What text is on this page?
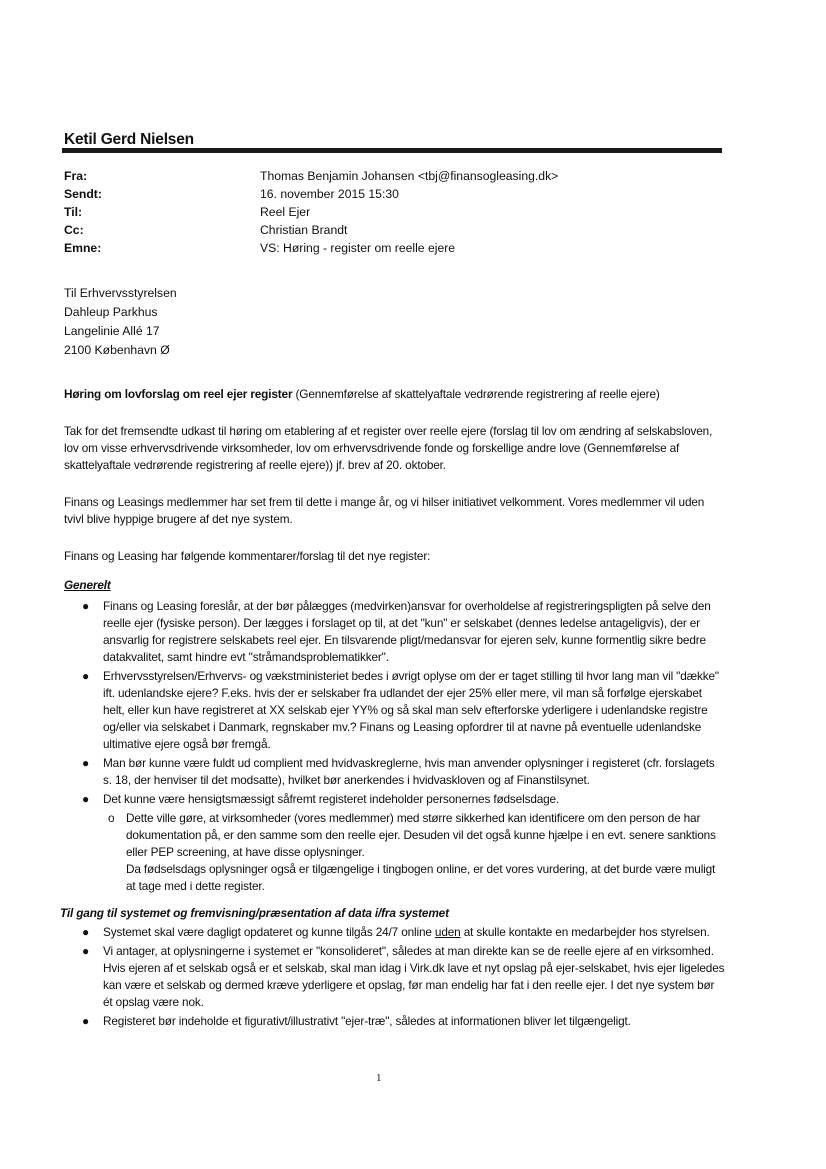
Ketil Gerd Nielsen
Fra:	Thomas Benjamin Johansen <tbj@finansogleasing.dk>
Sendt:	16. november 2015 15:30
Til:	Reel Ejer
Cc:	Christian Brandt
Emne:	VS: Høring - register om reelle ejere
Til Erhvervsstyrelsen
Dahleup Parkhus
Langelinie Allé 17
2100 København Ø

Høring om lovforslag om reel ejer register (Gennemførelse af skattelyaftale vedrørende registrering af reelle ejere)

Tak for det fremsendte udkast til høring om etablering af et register over reelle ejere (forslag til lov om ændring af selskabsloven, lov om visse erhvervsdrivende virksomheder, lov om erhvervsdrivende fonde og forskellige andre love (Gennemførelse af skattelyaftale vedrørende registrering af reelle ejere)) jf. brev af 20. oktober.

Finans og Leasings medlemmer har set frem til dette i mange år, og vi hilser initiativet velkomment. Vores medlemmer vil uden tvivl blive hyppige brugere af det nye system.

Finans og Leasing har følgende kommentarer/forslag til det nye register:

Generelt
● Finans og Leasing foreslår, at der bør pålægges (medvirken)ansvar for overholdelse af registreringspligten på selve den reelle ejer (fysiske person). Der lægges i forslaget op til, at det "kun" er selskabet (dennes ledelse antageligvis), der er ansvarlig for registrere selskabets reel ejer. En tilsvarende pligt/medansvar for ejeren selv, kunne formentlig sikre bedre datakvalitet, samt hindre evt "stråmandsproblematikker".
● Erhvervsstyrelsen/Erhvervs- og vækstministeriet bedes i øvrigt oplyse om der er taget stilling til hvor lang man vil "dække" ift. udenlandske ejere? F.eks. hvis der er selskaber fra udlandet der ejer 25% eller mere, vil man så forfølge ejerskabet helt, eller kun have registreret at XX selskab ejer YY% og så skal man selv efterforske yderligere i udenlandske registre og/eller via selskabet i Danmark, regnskaber mv.? Finans og Leasing opfordrer til at navne på eventuelle udenlandske ultimative ejere også bør fremgå.
● Man bør kunne være fuldt ud complient med hvidvaskreglerne, hvis man anvender oplysninger i registeret (cfr. forslagets s. 18, der henviser til det modsatte), hvilket bør anerkendes i hvidvaskloven og af Finanstilsynet.
● Det kunne være hensigtsmæssigt såfremt registeret indeholder personernes fødselsdage.
o Dette ville gøre, at virksomheder (vores medlemmer) med større sikkerhed kan identificere om den person de har dokumentation på, er den samme som den reelle ejer. Desuden vil det også kunne hjælpe i en evt. senere sanktions eller PEP screening, at have disse oplysninger.
Da fødselsdags oplysninger også er tilgængelige i tingbogen online, er det vores vurdering, at det burde være muligt at tage med i dette register.
Til gang til systemet og fremvisning/præsentation af data i/fra systemet
● Systemet skal være dagligt opdateret og kunne tilgås 24/7 online uden at skulle kontakte en medarbejder hos styrelsen.
● Vi antager, at oplysningerne i systemet er "konsolideret", således at man direkte kan se de reelle ejere af en virksomhed. Hvis ejeren af et selskab også er et selskab, skal man idag i Virk.dk lave et nyt opslag på ejer-selskabet, hvis ejer ligeledes kan være et selskab og dermed kræve yderligere et opslag, før man endelig har fat i den reelle ejer. I det nye system bør ét opslag være nok.
● Registeret bør indeholde et figurativt/illustrativt "ejer-træ", således at informationen bliver let tilgængeligt.
1
